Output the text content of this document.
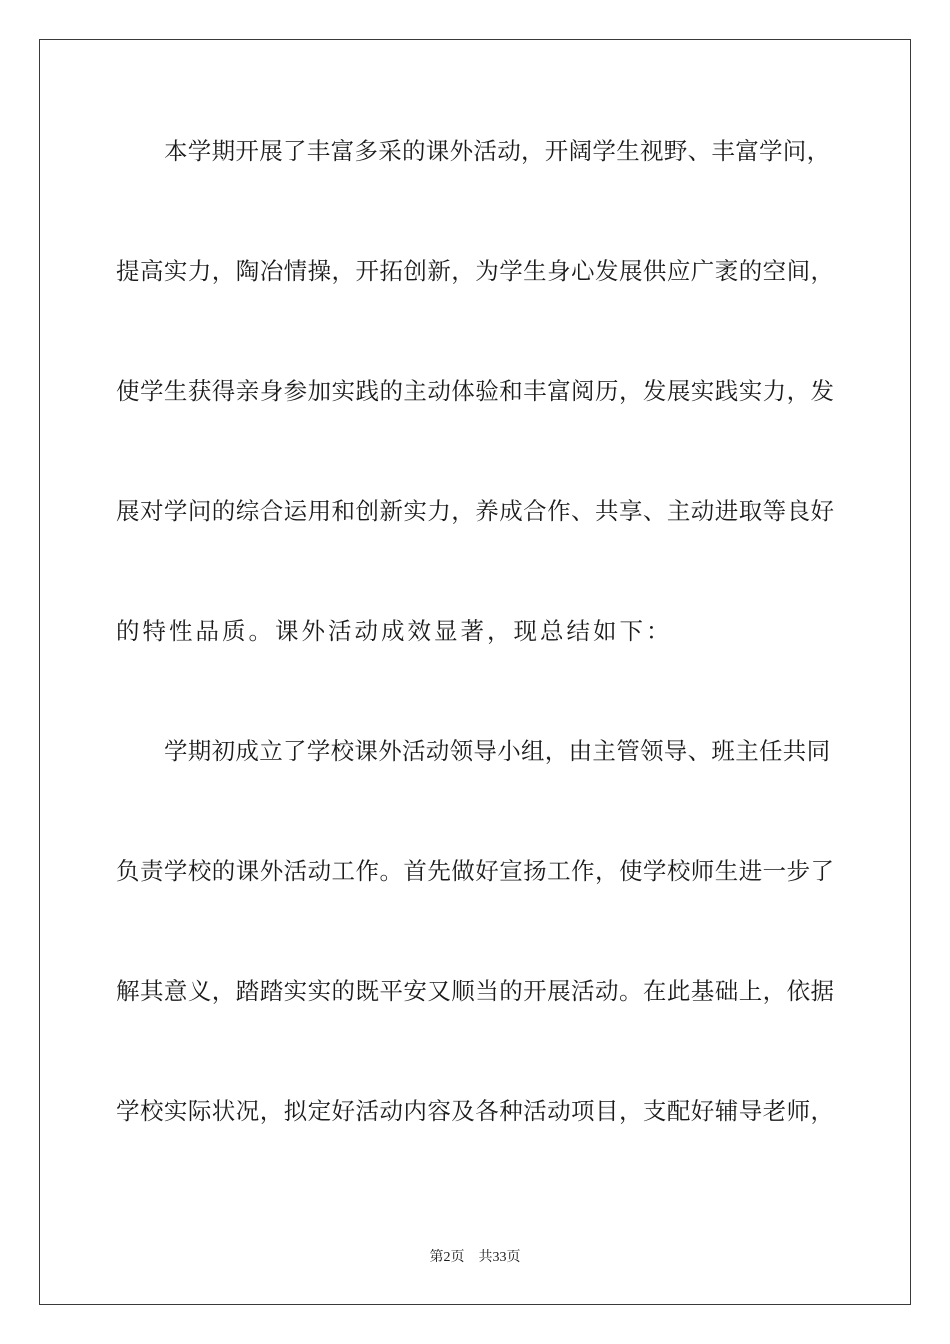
本学期开展了丰富多采的课外活动，开阔学生视野、丰富学问，

提高实力，陶冶情操，开拓创新，为学生身心发展供应广袤的空间，

使学生获得亲身参加实践的主动体验和丰富阅历，发展实践实力，发

展对学问的综合运用和创新实力，养成合作、共享、主动进取等良好

的特性品质。课外活动成效显著，现总结如下：

学期初成立了学校课外活动领导小组，由主管领导、班主任共同

负责学校的课外活动工作。首先做好宣扬工作，使学校师生进一步了

解其意义，踏踏实实的既平安又顺当的开展活动。在此基础上，依据

学校实际状况，拟定好活动内容及各种活动项目，支配好辅导老师，

第2页 共33页
